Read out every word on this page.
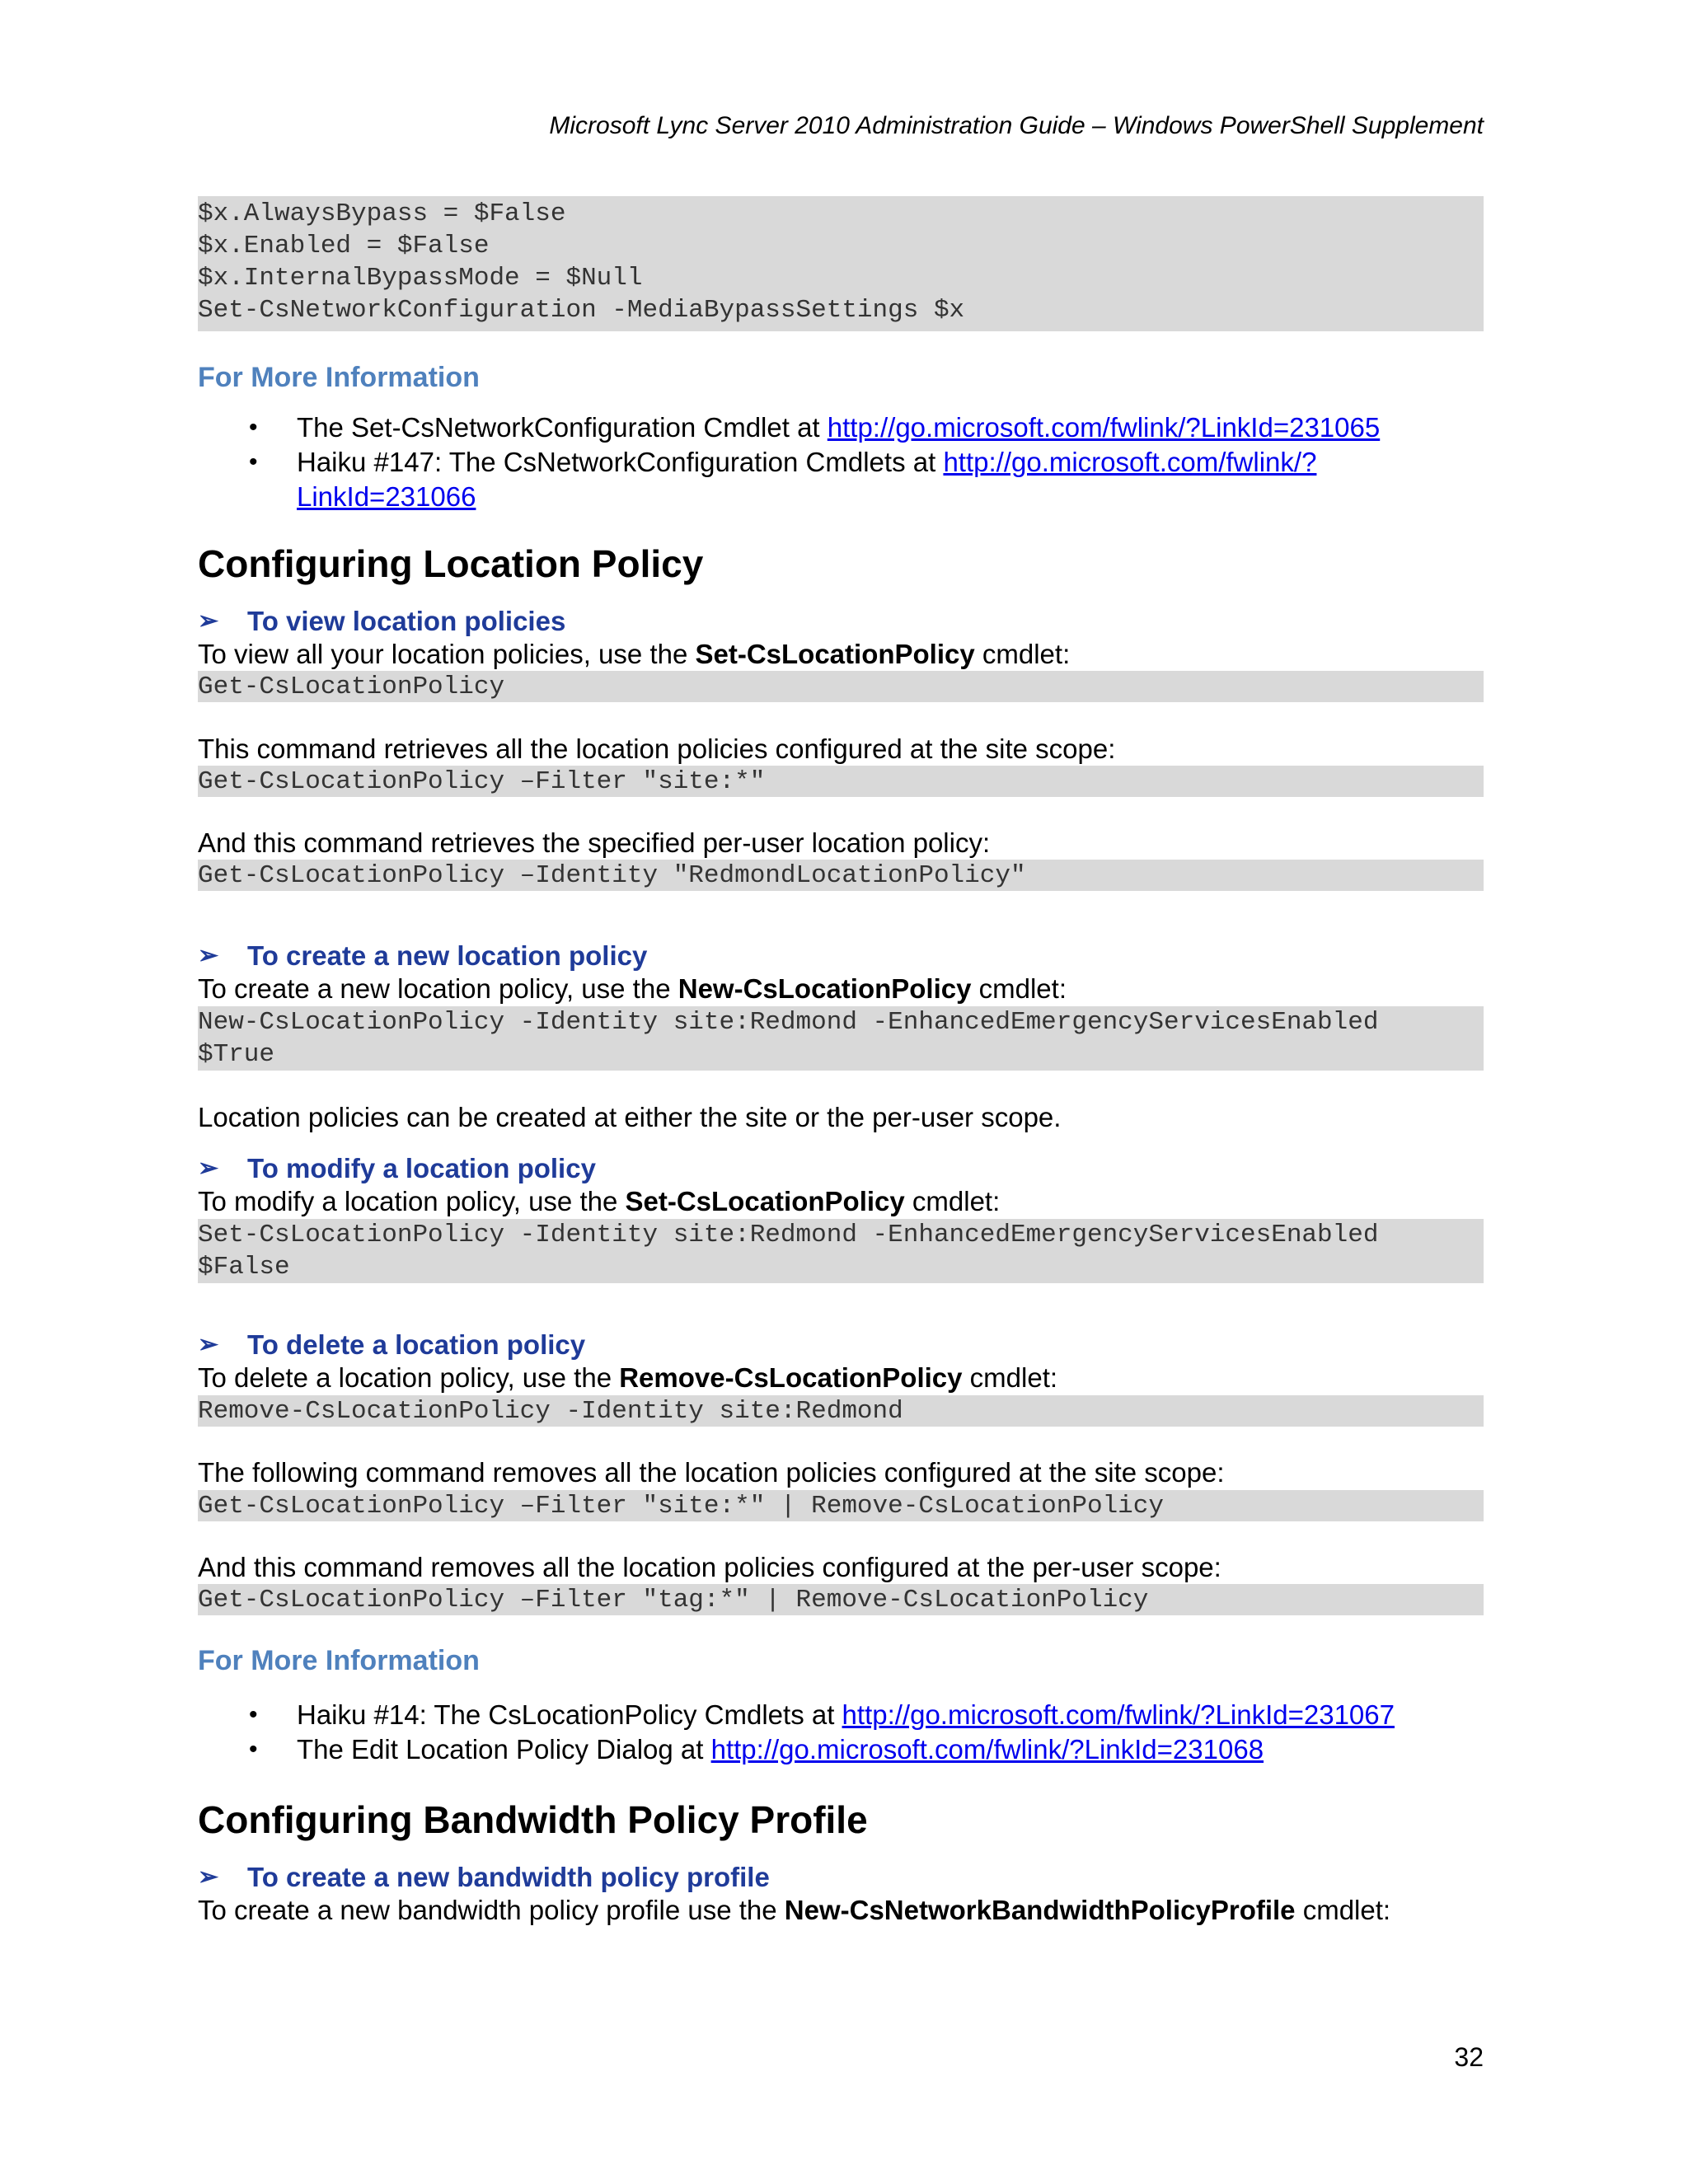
Microsoft Lync Server 2010 Administration Guide – Windows PowerShell Supplement
$x.AlwaysBypass = $False
$x.Enabled = $False
$x.InternalBypassMode = $Null
Set-CsNetworkConfiguration -MediaBypassSettings $x
For More Information
• The Set-CsNetworkConfiguration Cmdlet at http://go.microsoft.com/fwlink/?LinkId=231065
• Haiku #147: The CsNetworkConfiguration Cmdlets at http://go.microsoft.com/fwlink/?
LinkId=231066
Configuring Location Policy
➢	To view location policies
To view all your location policies, use the Set-CsLocationPolicy cmdlet:
Get-CsLocationPolicy
This command retrieves all the location policies configured at the site scope:
Get-CsLocationPolicy –Filter "site:*"
And this command retrieves the specified per-user location policy:
Get-CsLocationPolicy –Identity "RedmondLocationPolicy"
➢	To create a new location policy
To create a new location policy, use the New-CsLocationPolicy cmdlet:
New-CsLocationPolicy -Identity site:Redmond -EnhancedEmergencyServicesEnabled
$True
Location policies can be created at either the site or the per-user scope.
➢	To modify a location policy
To modify a location policy, use the Set-CsLocationPolicy cmdlet:
Set-CsLocationPolicy -Identity site:Redmond -EnhancedEmergencyServicesEnabled
$False
➢	To delete a location policy
To delete a location policy, use the Remove-CsLocationPolicy cmdlet:
Remove-CsLocationPolicy -Identity site:Redmond
The following command removes all the location policies configured at the site scope:
Get-CsLocationPolicy –Filter "site:*" | Remove-CsLocationPolicy
And this command removes all the location policies configured at the per-user scope:
Get-CsLocationPolicy –Filter "tag:*" | Remove-CsLocationPolicy
For More Information
• Haiku #14: The CsLocationPolicy Cmdlets at http://go.microsoft.com/fwlink/?LinkId=231067
• The Edit Location Policy Dialog at http://go.microsoft.com/fwlink/?LinkId=231068
Configuring Bandwidth Policy Profile
➢	To create a new bandwidth policy profile
To create a new bandwidth policy profile use the New-CsNetworkBandwidthPolicyProfile cmdlet:
32
